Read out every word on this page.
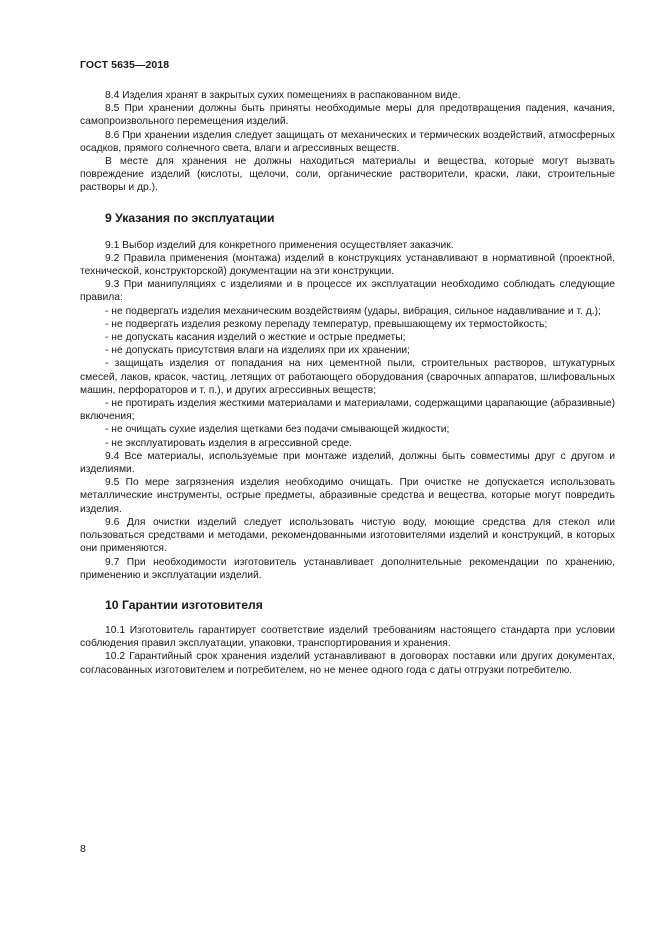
ГОСТ 5635—2018

8.4 Изделия хранят в закрытых сухих помещениях в распакованном виде.

8.5 При хранении должны быть приняты необходимые меры для предотвращения падения, качания, самопроизвольного перемещения изделий.

8.6 При хранении изделия следует защищать от механических и термических воздействий, атмосферных осадков, прямого солнечного света, влаги и агрессивных веществ.

В месте для хранения не должны находиться материалы и вещества, которые могут вызвать повреждение изделий (кислоты, щелочи, соли, органические растворители, краски, лаки, строительные растворы и др.).

9 Указания по эксплуатации

9.1 Выбор изделий для конкретного применения осуществляет заказчик.

9.2 Правила применения (монтажа) изделий в конструкциях устанавливают в нормативной (проектной, технической, конструкторской) документации на эти конструкции.

9.3 При манипуляциях с изделиями и в процессе их эксплуатации необходимо соблюдать следующие правила:

- не подвергать изделия механическим воздействиям (удары, вибрация, сильное надавливание и т. д.);

- не подвергать изделия резкому перепаду температур, превышающему их термостойкость;

- не допускать касания изделий о жесткие и острые предметы;

- не допускать присутствия влаги на изделиях при их хранении;

- защищать изделия от попадания на них цементной пыли, строительных растворов, штукатурных смесей, лаков, красок, частиц, летящих от работающего оборудования (сварочных аппаратов, шлифовальных машин, перфораторов и т. п.), и других агрессивных веществ;

- не протирать изделия жесткими материалами и материалами, содержащими царапающие (абразивные) включения;

- не очищать сухие изделия щетками без подачи смывающей жидкости;

- не эксплуатировать изделия в агрессивной среде.

9.4 Все материалы, используемые при монтаже изделий, должны быть совместимы друг с другом и изделиями.

9.5 По мере загрязнения изделия необходимо очищать. При очистке не допускается использовать металлические инструменты, острые предметы, абразивные средства и вещества, которые могут повредить изделия.

9.6 Для очистки изделий следует использовать чистую воду, моющие средства для стекол или пользоваться средствами и методами, рекомендованными изготовителями изделий и конструкций, в которых они применяются.

9.7 При необходимости изготовитель устанавливает дополнительные рекомендации по хранению, применению и эксплуатации изделий.

10 Гарантии изготовителя

10.1 Изготовитель гарантирует соответствие изделий требованиям настоящего стандарта при условии соблюдения правил эксплуатации, упаковки, транспортирования и хранения.

10.2 Гарантийный срок хранения изделий устанавливают в договорах поставки или других документах, согласованных изготовителем и потребителем, но не менее одного года с даты отгрузки потребителю.

8
